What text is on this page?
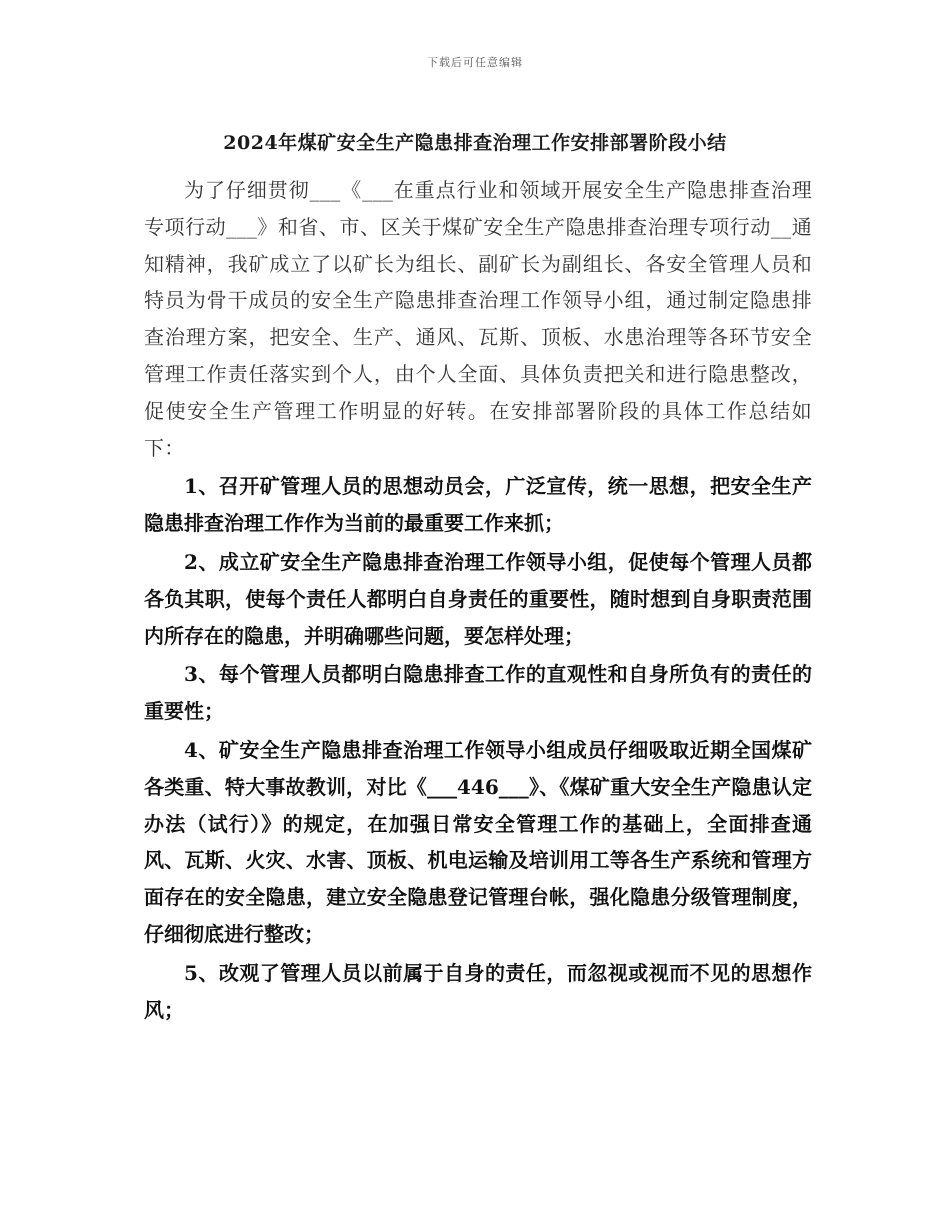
下载后可任意编辑
2024年煤矿安全生产隐患排查治理工作安排部署阶段小结

为了仔细贯彻___《___在重点行业和领域开展安全生产隐患排查治理专项行动___》和省、市、区关于煤矿安全生产隐患排查治理专项行动__通知精神，我矿成立了以矿长为组长、副矿长为副组长、各安全管理人员和特员为骨干成员的安全生产隐患排查治理工作领导小组，通过制定隐患排查治理方案，把安全、生产、通风、瓦斯、顶板、水患治理等各环节安全管理工作责任落实到个人，由个人全面、具体负责把关和进行隐患整改，促使安全生产管理工作明显的好转。在安排部署阶段的具体工作总结如下：

1、召开矿管理人员的思想动员会，广泛宣传，统一思想，把安全生产隐患排查治理工作作为当前的最重要工作来抓；

2、成立矿安全生产隐患排查治理工作领导小组，促使每个管理人员都各负其职，使每个责任人都明白自身责任的重要性，随时想到自身职责范围内所存在的隐患，并明确哪些问题，要怎样处理；

3、每个管理人员都明白隐患排查工作的直观性和自身所负有的责任的重要性；

4、矿安全生产隐患排查治理工作领导小组成员仔细吸取近期全国煤矿各类重、特大事故教训，对比《___446___》、《煤矿重大安全生产隐患认定办法（试行）》的规定，在加强日常安全管理工作的基础上，全面排查通风、瓦斯、火灾、水害、顶板、机电运输及培训用工等各生产系统和管理方面存在的安全隐患，建立安全隐患登记管理台帐，强化隐患分级管理制度，仔细彻底进行整改；

5、改观了管理人员以前属于自身的责任，而忽视或视而不见的思想作风；
